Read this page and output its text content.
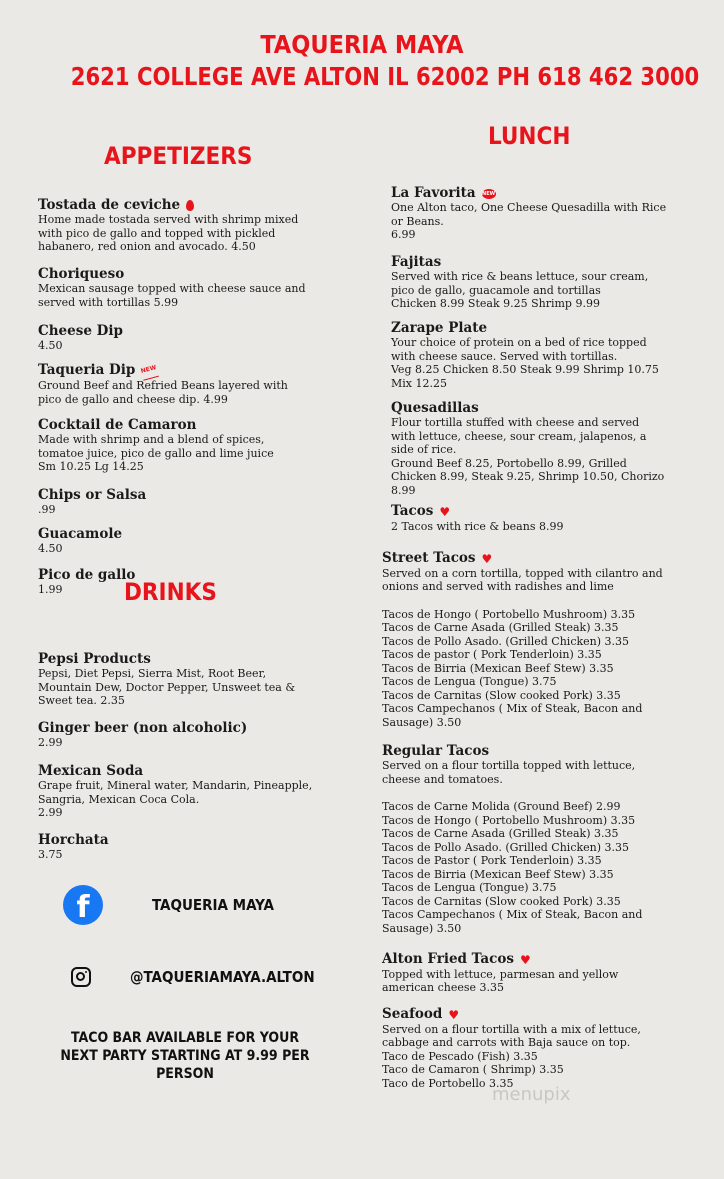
TAQUERIA MAYA
2621 COLLEGE AVE ALTON IL 62002 PH 618 462 3000
APPETIZERS
Tostada de ceviche
Home made tostada served with shrimp mixed
with pico de gallo and topped with pickled
habanero, red onion and avocado. 4.50
Choriqueso
Mexican sausage topped with cheese sauce and
served with tortillas 5.99
Cheese Dip
4.50
Taqueria Dip NEW
Ground Beef and Refried Beans layered with
pico de gallo and cheese dip. 4.99
Cocktail de Camaron
Made with shrimp and a blend of spices,
tomatoe juice, pico de gallo and lime juice
Sm 10.25 Lg 14.25
Chips or Salsa
.99
Guacamole
4.50
Pico de gallo
1.99	DRINKS
Pepsi Products
Pepsi, Diet Pepsi, Sierra Mist, Root Beer,
Mountain Dew, Doctor Pepper, Unsweet tea &
Sweet tea. 2.35
Ginger beer (non alcoholic)
2.99
Mexican Soda
Grape fruit, Mineral water, Mandarin, Pineapple,
Sangria, Mexican Coca Cola.
2.99
Horchata
3.75
f	TAQUERIA MAYA
@TAQUERIAMAYA.ALTON
TACO BAR AVAILABLE FOR YOUR
NEXT PARTY STARTING AT 9.99 PER
PERSON
LUNCH
La Favorita NEW
One Alton taco, One Cheese Quesadilla with Rice
or Beans.
6.99
Fajitas
Served with rice & beans lettuce, sour cream,
pico de gallo, guacamole and tortillas
Chicken 8.99 Steak 9.25 Shrimp 9.99
Zarape Plate
Your choice of protein on a bed of rice topped
with cheese sauce. Served with tortillas.
Veg 8.25 Chicken 8.50 Steak 9.99 Shrimp 10.75
Mix 12.25
Quesadillas
Flour tortilla stuffed with cheese and served
with lettuce, cheese, sour cream, jalapenos, a
side of rice.
Ground Beef 8.25, Portobello 8.99, Grilled
Chicken 8.99, Steak 9.25, Shrimp 10.50, Chorizo
8.99
Tacos ♥
2 Tacos with rice & beans 8.99
Street Tacos ♥
Served on a corn tortilla, topped with cilantro and
onions and served with radishes and lime
Tacos de Hongo ( Portobello Mushroom) 3.35
Tacos de Carne Asada (Grilled Steak) 3.35
Tacos de Pollo Asado. (Grilled Chicken) 3.35
Tacos de pastor ( Pork Tenderloin) 3.35
Tacos de Birria (Mexican Beef Stew) 3.35
Tacos de Lengua (Tongue) 3.75
Tacos de Carnitas (Slow cooked Pork) 3.35
Tacos Campechanos ( Mix of Steak, Bacon and
Sausage) 3.50
Regular Tacos
Served on a flour tortilla topped with lettuce,
cheese and tomatoes.
Tacos de Carne Molida (Ground Beef) 2.99
Tacos de Hongo ( Portobello Mushroom) 3.35
Tacos de Carne Asada (Grilled Steak) 3.35
Tacos de Pollo Asado. (Grilled Chicken) 3.35
Tacos de Pastor ( Pork Tenderloin) 3.35
Tacos de Birria (Mexican Beef Stew) 3.35
Tacos de Lengua (Tongue) 3.75
Tacos de Carnitas (Slow cooked Pork) 3.35
Tacos Campechanos ( Mix of Steak, Bacon and
Sausage) 3.50
Alton Fried Tacos ♥
Topped with lettuce, parmesan and yellow
american cheese 3.35
Seafood ♥
Served on a flour tortilla with a mix of lettuce,
cabbage and carrots with Baja sauce on top.
Taco de Pescado (Fish) 3.35
Taco de Camaron ( Shrimp) 3.35
Taco de Portobello 3.35
menupix
